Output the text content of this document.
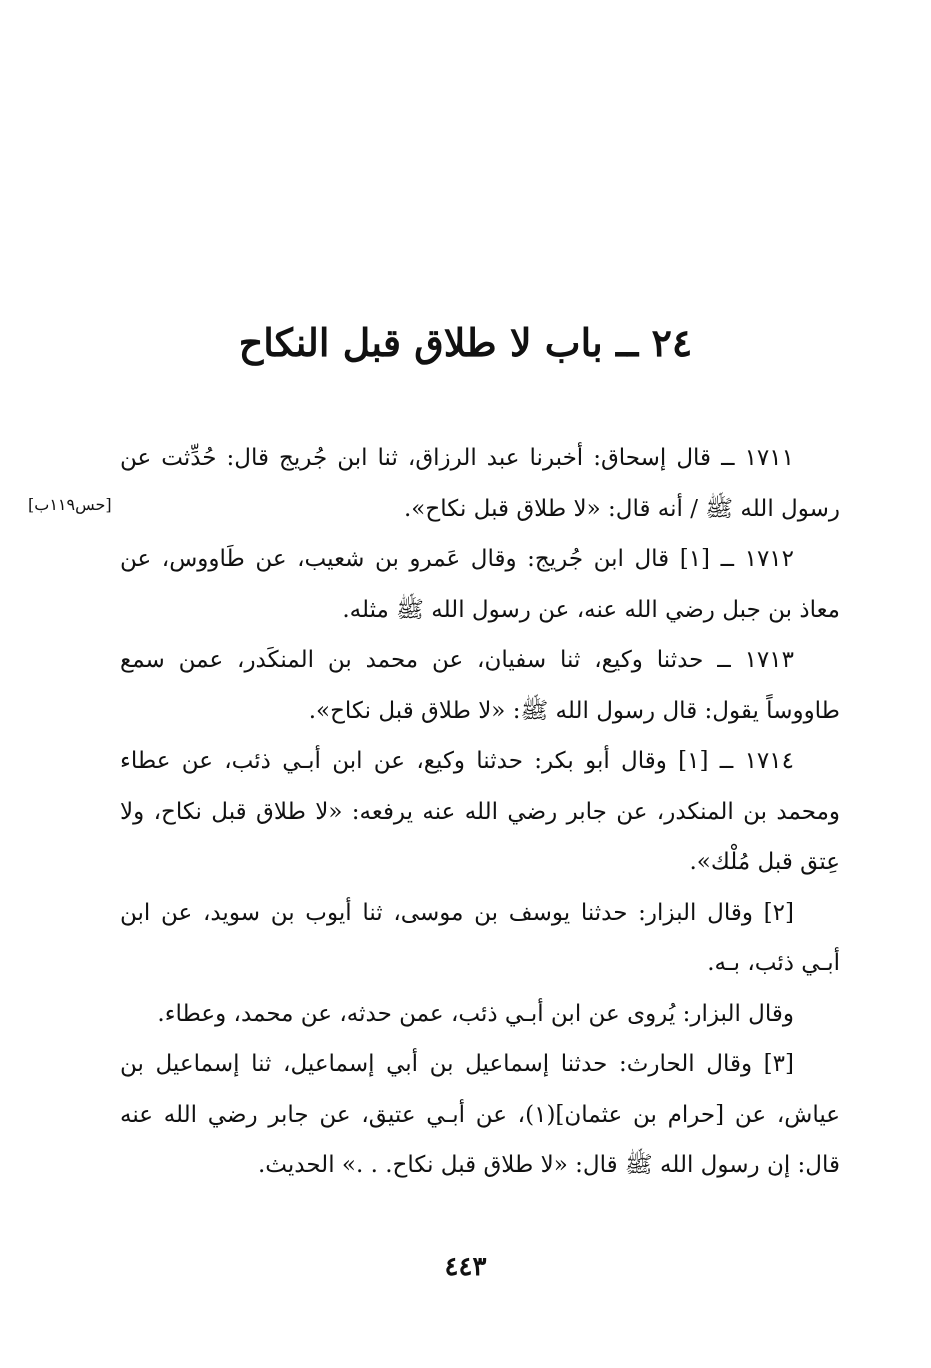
٢٤ ــ باب لا طلاق قبل النكاح
[حس١١٩ب]

١٧١١ ــ قال إسحاق: أخبرنا عبد الرزاق، ثنا ابن جُريج قال: حُدِّثت عن رسول الله ﷺ / أنه قال: «لا طلاق قبل نكاح».

١٧١٢ ــ [١] قال ابن جُريج: وقال عَمرو بن شعيب، عن طَاووس، عن معاذ بن جبل رضي الله عنه، عن رسول الله ﷺ مثله.

١٧١٣ ــ حدثنا وكيع، ثنا سفيان، عن محمد بن المنكَدر، عمن سمع طاووساً يقول: قال رسول الله ﷺ: «لا طلاق قبل نكاح».

١٧١٤ ــ [١] وقال أبو بكر: حدثنا وكيع، عن ابن أبـي ذئب، عن عطاء ومحمد بن المنكدر، عن جابر رضي الله عنه يرفعه: «لا طلاق قبل نكاح، ولا عِتق قبل مُلْك».

[٢] وقال البزار: حدثنا يوسف بن موسى، ثنا أيوب بن سويد، عن ابن أبـي ذئب، بـه.

وقال البزار: يُروى عن ابن أبـي ذئب، عمن حدثه، عن محمد، وعطاء.

[٣] وقال الحارث: حدثنا إسماعيل بن أبي إسماعيل، ثنا إسماعيل بن عياش، عن [حرام بن عثمان](١)، عن أبـي عتيق، عن جابر رضي الله عنه قال: إن رسول الله ﷺ قال: «لا طلاق قبل نكاح. . .» الحديث.

٤٤٣
